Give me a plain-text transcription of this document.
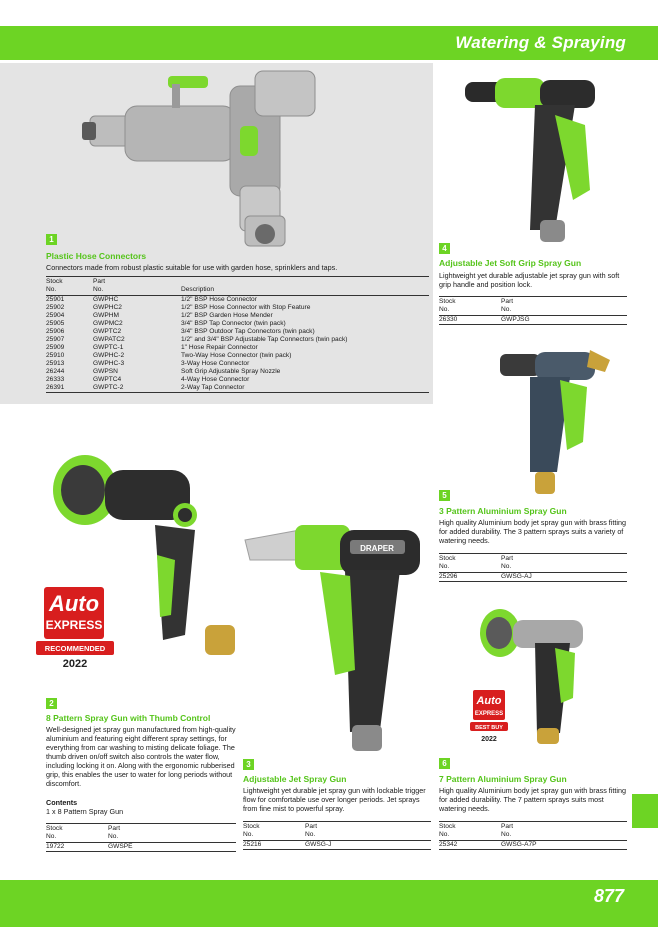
Watering & Spraying
1
Plastic Hose Connectors
Connectors made from robust plastic suitable for use with garden hose, sprinklers and taps.
Stock
No.
Part
No.
	Description
25901	GWPHC	1/2" BSP Hose Connector
25902	GWPHC2	1/2" BSP Hose Connector with Stop Feature
25904	GWPHM	1/2" BSP Garden Hose Mender
25905	GWPMC2	3/4" BSP Tap Connector (twin pack)
25906	GWPTC2	3/4" BSP Outdoor Tap Connectors (twin pack)
25907	GWPATC2	1/2" and 3/4" BSP Adjustable Tap Connectors (twin pack)
25909	GWPTC-1	1" Hose Repair Connector
25910	GWPHC-2	Two-Way Hose Connector (twin pack)
25913	GWPHC-3	3-Way Hose Connector
26244	GWPSN	Soft Grip Adjustable Spray Nozzle
26333	GWPTC4	4-Way Hose Connector
26391	GWPTC-2	2-Way Tap Connector
4
Adjustable Jet Soft Grip Spray Gun
Lightweight yet durable adjustable jet spray gun with soft grip handle and position lock.
Stock
No.
Part
No.
26330	GWPJSG
5
3 Pattern Aluminium Spray Gun
High quality Aluminium body jet spray gun with brass fitting for added durability. The 3 pattern sprays suits a variety of watering needs.
Stock
No.
Part
No.
25296	GWSG-AJ
Auto
EXPRESS
RECOMMENDED
2022
2
8 Pattern Spray Gun with Thumb Control
Well-designed jet spray gun manufactured from high-quality aluminium and featuring eight different spray settings, for everything from car washing to misting delicate foliage. The thumb driven on/off switch also controls the water flow, including locking it on. Along with the ergonomic rubberised grip, this enables the user to water for long periods without discomfort.
Contents
1 x 8 Pattern Spray Gun
Stock
No.
Part
No.
19722	GWSPE
DRAPER
3
Adjustable Jet Spray Gun
Lightweight yet durable jet spray gun with lockable trigger flow for comfortable use over longer periods. Jet sprays from fine mist to powerful spray.
Stock
No.
Part
No.
25216	GWSG-J
Auto
EXPRESS
BEST BUY
2022
6
7 Pattern Aluminium Spray Gun
High quality Aluminium body jet spray gun with brass fitting for added durability. The 7 pattern sprays suits most watering needs.
Stock
No.
Part
No.
25342	GWSG-A7P
877
